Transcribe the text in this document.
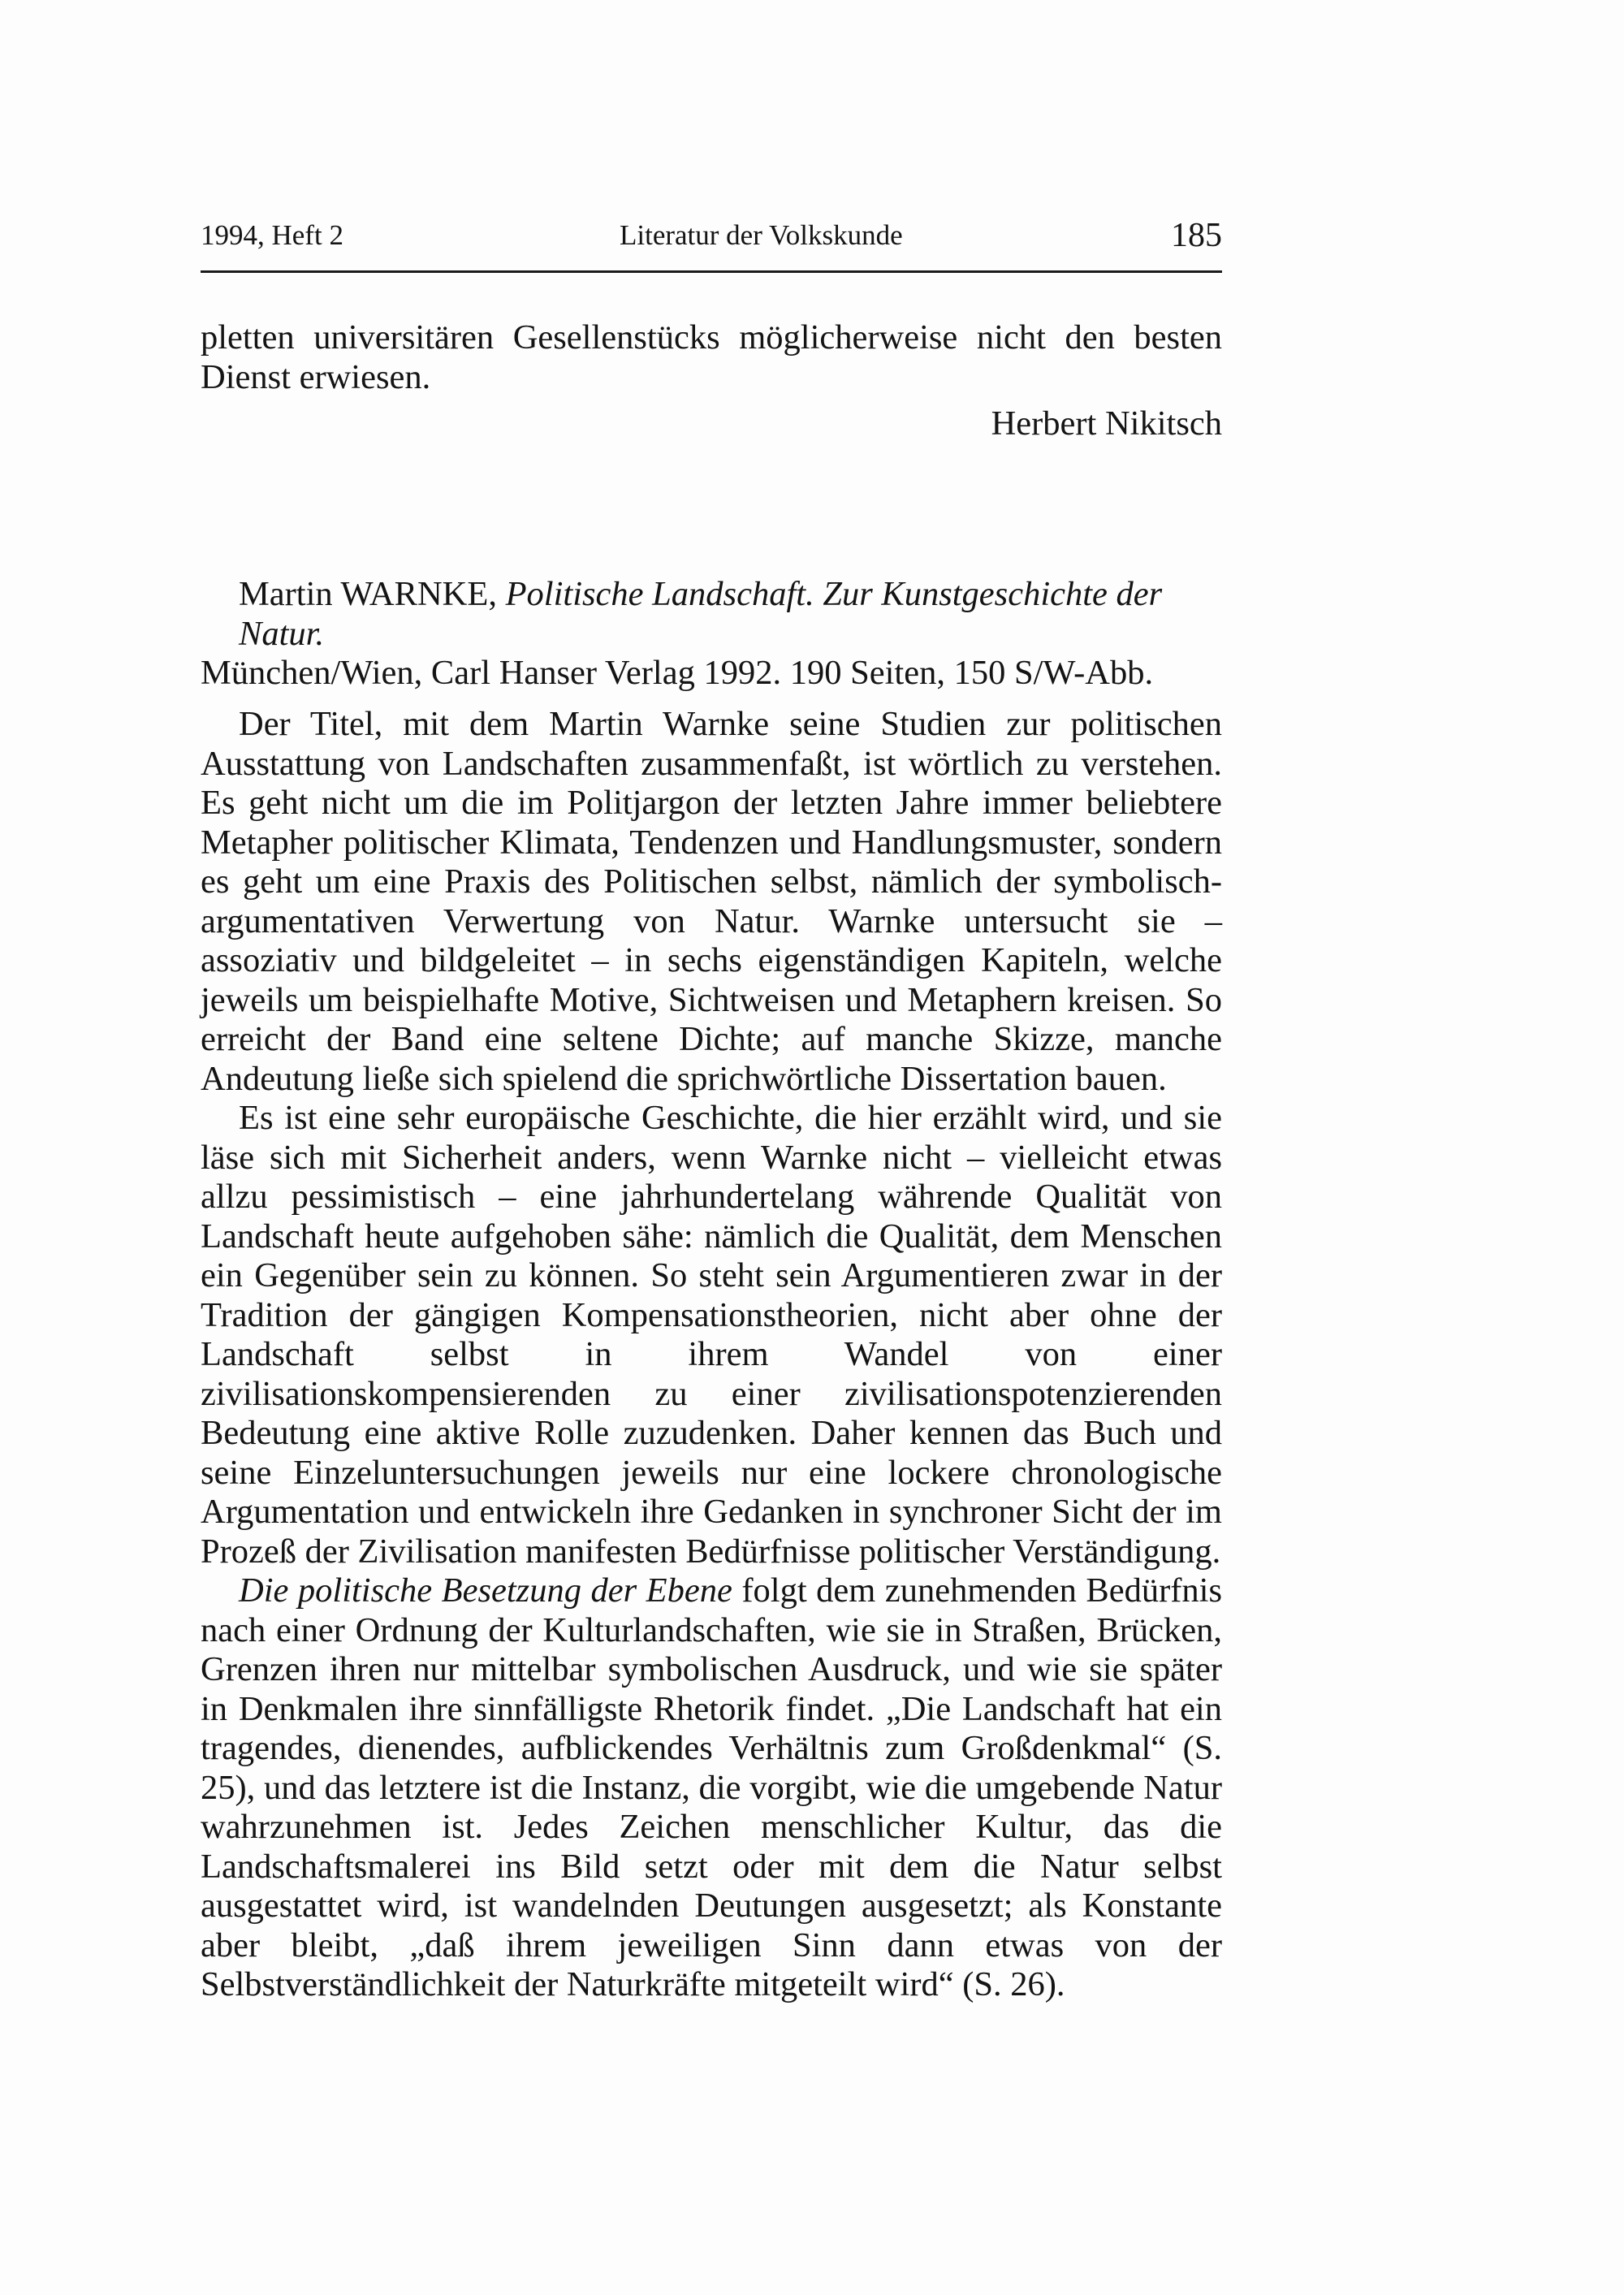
1994, Heft 2	Literatur der Volkskunde	185
pletten universitären Gesellenstücks möglicherweise nicht den besten Dienst erwiesen.
Herbert Nikitsch
Martin WARNKE, Politische Landschaft. Zur Kunstgeschichte der Natur.
München/Wien, Carl Hanser Verlag 1992. 190 Seiten, 150 S/W-Abb.

Der Titel, mit dem Martin Warnke seine Studien zur politischen Ausstattung von Landschaften zusammenfaßt, ist wörtlich zu verstehen. Es geht nicht um die im Politjargon der letzten Jahre immer beliebtere Metapher politischer Klimata, Tendenzen und Handlungsmuster, sondern es geht um eine Praxis des Politischen selbst, nämlich der symbolisch-argumentativen Verwertung von Natur. Warnke untersucht sie – assoziativ und bildgeleitet – in sechs eigenständigen Kapiteln, welche jeweils um beispielhafte Motive, Sichtweisen und Metaphern kreisen. So erreicht der Band eine seltene Dichte; auf manche Skizze, manche Andeutung ließe sich spielend die sprichwörtliche Dissertation bauen.

Es ist eine sehr europäische Geschichte, die hier erzählt wird, und sie läse sich mit Sicherheit anders, wenn Warnke nicht – vielleicht etwas allzu pessimistisch – eine jahrhundertelang währende Qualität von Landschaft heute aufgehoben sähe: nämlich die Qualität, dem Menschen ein Gegenüber sein zu können. So steht sein Argumentieren zwar in der Tradition der gängigen Kompensationstheorien, nicht aber ohne der Landschaft selbst in ihrem Wandel von einer zivilisationskompensierenden zu einer zivilisationspotenzierenden Bedeutung eine aktive Rolle zuzudenken. Daher kennen das Buch und seine Einzeluntersuchungen jeweils nur eine lockere chronologische Argumentation und entwickeln ihre Gedanken in synchroner Sicht der im Prozeß der Zivilisation manifesten Bedürfnisse politischer Verständigung.

Die politische Besetzung der Ebene folgt dem zunehmenden Bedürfnis nach einer Ordnung der Kulturlandschaften, wie sie in Straßen, Brücken, Grenzen ihren nur mittelbar symbolischen Ausdruck, und wie sie später in Denkmalen ihre sinnfälligste Rhetorik findet. „Die Landschaft hat ein tragendes, dienendes, aufblickendes Verhältnis zum Großdenkmal“ (S. 25), und das letztere ist die Instanz, die vorgibt, wie die umgebende Natur wahrzunehmen ist. Jedes Zeichen menschlicher Kultur, das die Landschaftsmalerei ins Bild setzt oder mit dem die Natur selbst ausgestattet wird, ist wandelnden Deutungen ausgesetzt; als Konstante aber bleibt, „daß ihrem jeweiligen Sinn dann etwas von der Selbstverständlichkeit der Naturkräfte mitgeteilt wird“ (S. 26).
